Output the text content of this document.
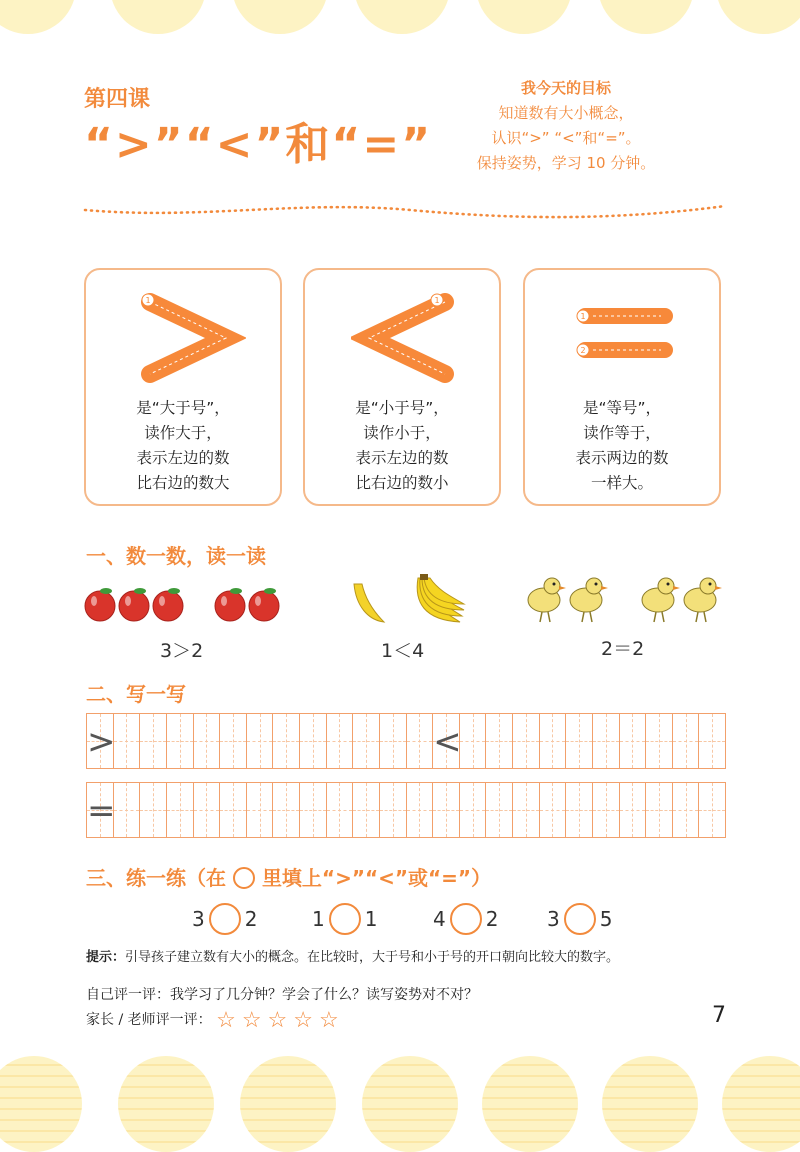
第四课
“>”“<”和“=”
我今天的目标
知道数有大小概念，
认识“>” “<”和“=”。
保持姿势，学习 10 分钟。
1
是“大于号”，
读作大于，
表示左边的数
比右边的数大
1
是“小于号”，
读作小于，
表示左边的数
比右边的数小
1
2
是“等号”，
读作等于，
表示两边的数
一样大。
一、数一数，读一读
3＞2	1＜4	2＝2
二、写一写
>	<
=
三、练一练（在 里填上“>”“<”或“=”）
3 2	1 1	4 2 3 5
提示：引导孩子建立数有大小的概念。在比较时，大于号和小于号的开口朝向比较大的数字。
自己评一评：我学习了几分钟？学会了什么？读写姿势对不对？
家长 / 老师评一评： ☆ ☆ ☆ ☆ ☆	7
